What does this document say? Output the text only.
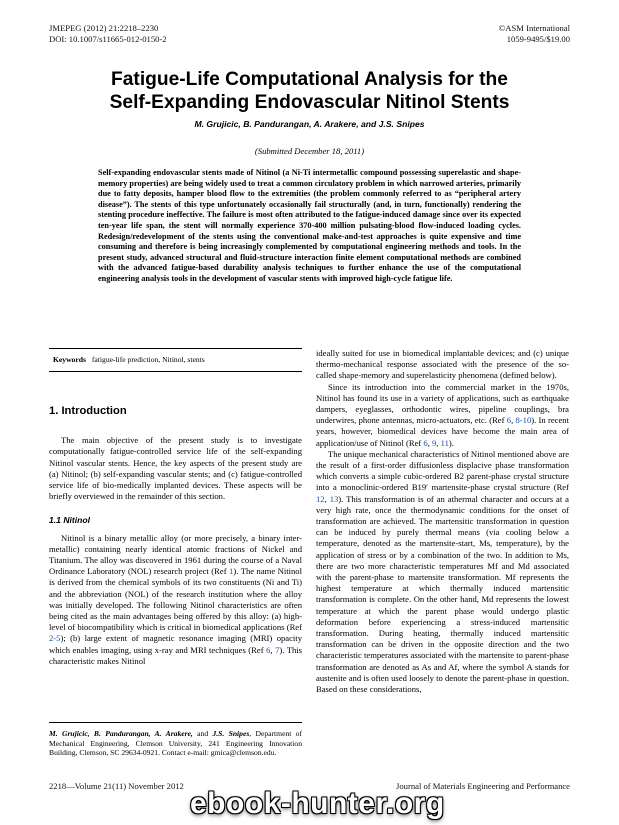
JMEPEG (2012) 21:2218–2230
DOI: 10.1007/s11665-012-0150-2
©ASM International
1059-9495/$19.00
Fatigue-Life Computational Analysis for the
Self-Expanding Endovascular Nitinol Stents
M. Grujicic, B. Pandurangan, A. Arakere, and J.S. Snipes
(Submitted December 18, 2011)
Self-expanding endovascular stents made of Nitinol (a Ni-Ti intermetallic compound possessing superelastic and shape-memory properties) are being widely used to treat a common circulatory problem in which narrowed arteries, primarily due to fatty deposits, hamper blood flow to the extremities (the problem commonly referred to as “peripheral artery disease”). The stents of this type unfortunately occasionally fail structurally (and, in turn, functionally) rendering the stenting procedure ineffective. The failure is most often attributed to the fatigue-induced damage since over its expected ten-year life span, the stent will normally experience 370-400 million pulsating-blood flow-induced loading cycles. Redesign/redevelopment of the stents using the conventional make-and-test approaches is quite expensive and time consuming and therefore is being increasingly complemented by computational engineering methods and tools. In the present study, advanced structural and fluid-structure interaction finite element computational methods are combined with the advanced fatigue-based durability analysis techniques to further enhance the use of the computational engineering analysis tools in the development of vascular stents with improved high-cycle fatigue life.
Keywords fatigue-life prediction, Nitinol, stents
1. Introduction

The main objective of the present study is to investigate computationally fatigue-controlled service life of the self-expanding Nitinol vascular stents. Hence, the key aspects of the present study are (a) Nitinol; (b) self-expanding vascular stents; and (c) fatigue-controlled service life of bio-medically implanted devices. These aspects will be briefly overviewed in the remainder of this section.

1.1 Nitinol

Nitinol is a binary metallic alloy (or more precisely, a binary inter-metallic) containing nearly identical atomic fractions of Nickel and Titanium. The alloy was discovered in 1961 during the course of a Naval Ordinance Laboratory (NOL) research project (Ref 1). The name Nitinol is derived from the chemical symbols of its two constituents (Ni and Ti) and the abbreviation (NOL) of the research institution where the alloy was initially developed. The following Nitinol characteristics are often being cited as the main advantages being offered by this alloy: (a) high-level of biocompatibility which is critical in biomedical applications (Ref 2-5); (b) large extent of magnetic resonance imaging (MRI) opacity which enables imaging, using x-ray and MRI techniques (Ref 6, 7). This characteristic makes Nitinol

ideally suited for use in biomedical implantable devices; and (c) unique thermo-mechanical response associated with the presence of the so-called shape-memory and superelasticity phenomena (defined below).

Since its introduction into the commercial market in the 1970s, Nitinol has found its use in a variety of applications, such as earthquake dampers, eyeglasses, orthodontic wires, pipeline couplings, bra underwires, phone antennas, micro-actuators, etc. (Ref 6, 8-10). In recent years, however, biomedical devices have become the main area of application/use of Nitinol (Ref 6, 9, 11).

The unique mechanical characteristics of Nitinol mentioned above are the result of a first-order diffusionless displacive phase transformation which converts a simple cubic-ordered B2 parent-phase crystal structure into a monoclinic-ordered B19′ martensite-phase crystal structure (Ref 12, 13). This transformation is of an athermal character and occurs at a very high rate, once the thermodynamic conditions for the onset of transformation are achieved. The martensitic transformation in question can be induced by purely thermal means (via cooling below a temperature, denoted as the martensite-start, Ms, temperature), by the application of stress or by a combination of the two. In addition to Ms, there are two more characteristic temperatures Mf and Md associated with the parent-phase to martensite transformation. Mf represents the highest temperature at which thermally induced martensitic transformation is complete. On the other hand, Md represents the lowest temperature at which the parent phase would undergo plastic deformation before experiencing a stress-induced martensitic transformation. During heating, thermally induced martensitic transformation can be driven in the opposite direction and the two characteristic temperatures associated with the martensite to parent-phase transformation are denoted as As and Af, where the symbol A stands for austenite and is often used loosely to denote the parent-phase in question. Based on these considerations,

M. Grujicic, B. Pandurangan, A. Arakere, and J.S. Snipes, Department of Mechanical Engineering, Clemson University, 241 Engineering Innovation Building, Clemson, SC 29634-0921. Contact e-mail: gmica@clemson.edu.
2218—Volume 21(11) November 2012	Journal of Materials Engineering and Performance
ebook-hunter.org
